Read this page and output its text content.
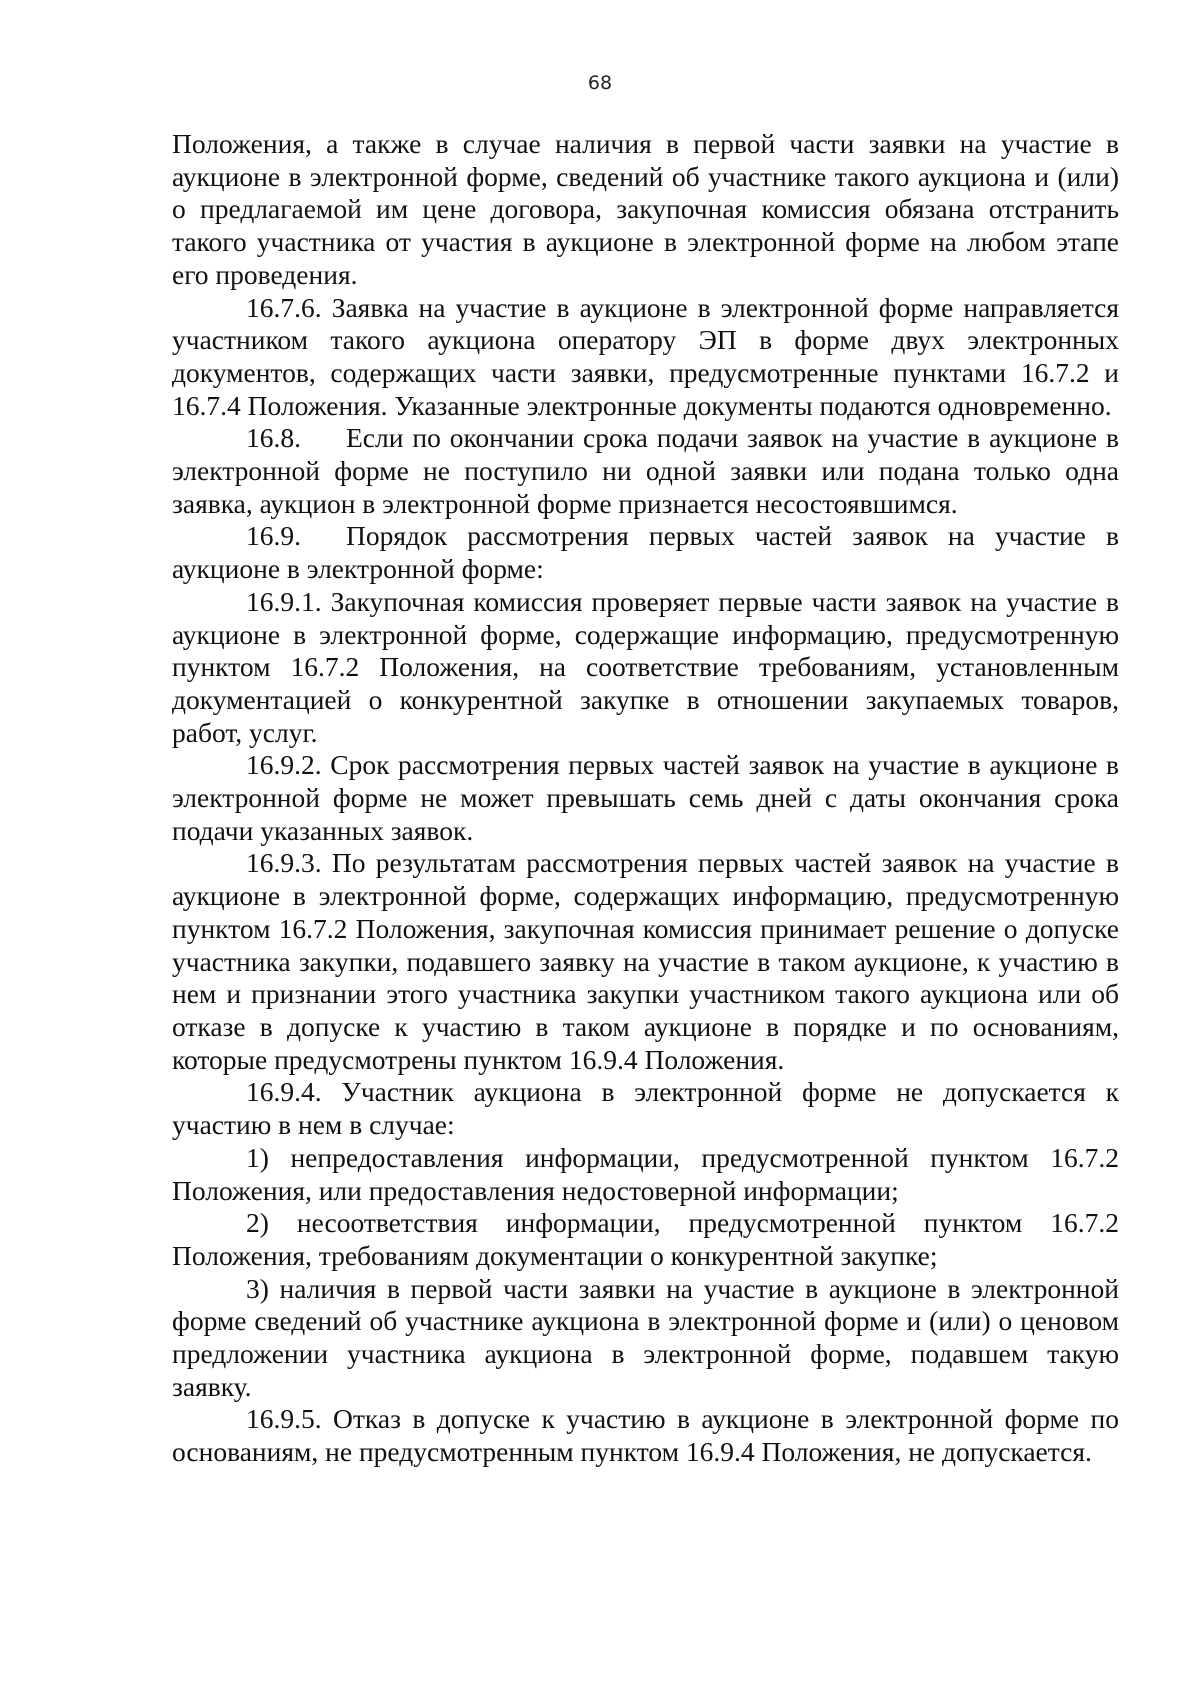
68

Положения, а также в случае наличия в первой части заявки на участие в аукционе в электронной форме, сведений об участнике такого аукциона и (или) о предлагаемой им цене договора, закупочная комиссия обязана отстранить такого участника от участия в аукционе в электронной форме на любом этапе его проведения.

16.7.6. Заявка на участие в аукционе в электронной форме направляется участником такого аукциона оператору ЭП в форме двух электронных документов, содержащих части заявки, предусмотренные пунктами 16.7.2 и 16.7.4 Положения. Указанные электронные документы подаются одновременно.

16.8. Если по окончании срока подачи заявок на участие в аукционе в электронной форме не поступило ни одной заявки или подана только одна заявка, аукцион в электронной форме признается несостоявшимся.

16.9. Порядок рассмотрения первых частей заявок на участие в аукционе в электронной форме:

16.9.1. Закупочная комиссия проверяет первые части заявок на участие в аукционе в электронной форме, содержащие информацию, предусмотренную пунктом 16.7.2 Положения, на соответствие требованиям, установленным документацией о конкурентной закупке в отношении закупаемых товаров, работ, услуг.

16.9.2. Срок рассмотрения первых частей заявок на участие в аукционе в электронной форме не может превышать семь дней с даты окончания срока подачи указанных заявок.

16.9.3. По результатам рассмотрения первых частей заявок на участие в аукционе в электронной форме, содержащих информацию, предусмотренную пунктом 16.7.2 Положения, закупочная комиссия принимает решение о допуске участника закупки, подавшего заявку на участие в таком аукционе, к участию в нем и признании этого участника закупки участником такого аукциона или об отказе в допуске к участию в таком аукционе в порядке и по основаниям, которые предусмотрены пунктом 16.9.4 Положения.

16.9.4. Участник аукциона в электронной форме не допускается к участию в нем в случае:

1) непредоставления информации, предусмотренной пунктом 16.7.2 Положения, или предоставления недостоверной информации;

2) несоответствия информации, предусмотренной пунктом 16.7.2 Положения, требованиям документации о конкурентной закупке;

3) наличия в первой части заявки на участие в аукционе в электронной форме сведений об участнике аукциона в электронной форме и (или) о ценовом предложении участника аукциона в электронной форме, подавшем такую заявку.

16.9.5. Отказ в допуске к участию в аукционе в электронной форме по основаниям, не предусмотренным пунктом 16.9.4 Положения, не допускается.
